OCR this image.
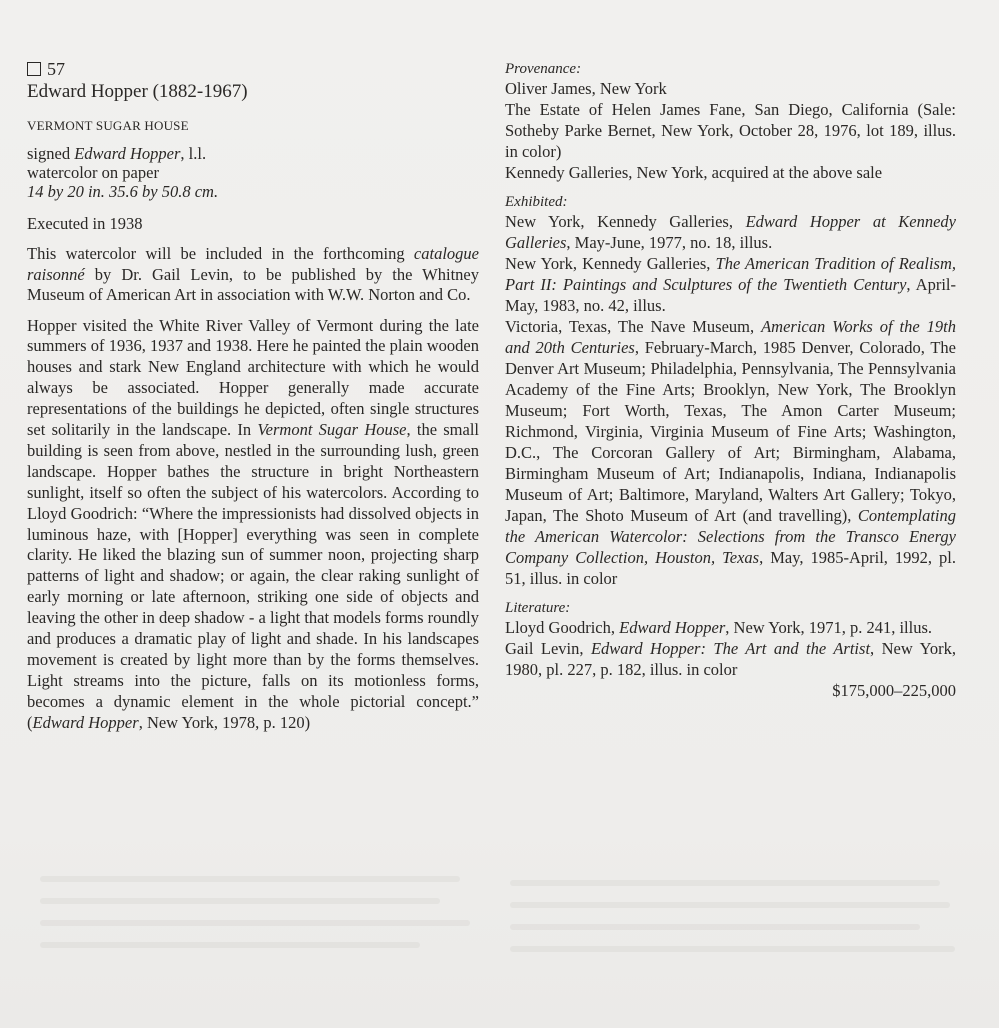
57
Edward Hopper (1882-1967)
VERMONT SUGAR HOUSE
signed Edward Hopper, l.l.
watercolor on paper
14 by 20 in. 35.6 by 50.8 cm.
Executed in 1938
This watercolor will be included in the forthcoming catalogue raisonné by Dr. Gail Levin, to be published by the Whitney Museum of American Art in association with W.W. Norton and Co.
Hopper visited the White River Valley of Vermont during the late summers of 1936, 1937 and 1938. Here he painted the plain wooden houses and stark New England architecture with which he would always be associated. Hopper generally made accurate representations of the buildings he depicted, often single structures set solitarily in the landscape. In Vermont Sugar House, the small building is seen from above, nestled in the surrounding lush, green landscape. Hopper bathes the structure in bright Northeastern sunlight, itself so often the subject of his watercolors. According to Lloyd Goodrich: “Where the impressionists had dissolved objects in luminous haze, with [Hopper] everything was seen in complete clarity. He liked the blazing sun of summer noon, projecting sharp patterns of light and shadow; or again, the clear raking sunlight of early morning or late afternoon, striking one side of objects and leaving the other in deep shadow - a light that models forms roundly and produces a dramatic play of light and shade. In his landscapes movement is created by light more than by the forms themselves. Light streams into the picture, falls on its motionless forms, becomes a dynamic element in the whole pictorial concept.” (Edward Hopper, New York, 1978, p. 120)
Provenance:
Oliver James, New York
The Estate of Helen James Fane, San Diego, California (Sale: Sotheby Parke Bernet, New York, October 28, 1976, lot 189, illus. in color)
Kennedy Galleries, New York, acquired at the above sale
Exhibited:
New York, Kennedy Galleries, Edward Hopper at Kennedy Galleries, May-June, 1977, no. 18, illus.
New York, Kennedy Galleries, The American Tradition of Realism, Part II: Paintings and Sculptures of the Twentieth Century, April-May, 1983, no. 42, illus.
Victoria, Texas, The Nave Museum, American Works of the 19th and 20th Centuries, February-March, 1985 Denver, Colorado, The Denver Art Museum; Philadelphia, Pennsylvania, The Pennsylvania Academy of the Fine Arts; Brooklyn, New York, The Brooklyn Museum; Fort Worth, Texas, The Amon Carter Museum; Richmond, Virginia, Virginia Museum of Fine Arts; Washington, D.C., The Corcoran Gallery of Art; Birmingham, Alabama, Birmingham Museum of Art; Indianapolis, Indiana, Indianapolis Museum of Art; Baltimore, Maryland, Walters Art Gallery; Tokyo, Japan, The Shoto Museum of Art (and travelling), Contemplating the American Watercolor: Selections from the Transco Energy Company Collection, Houston, Texas, May, 1985-April, 1992, pl. 51, illus. in color
Literature:
Lloyd Goodrich, Edward Hopper, New York, 1971, p. 241, illus.
Gail Levin, Edward Hopper: The Art and the Artist, New York, 1980, pl. 227, p. 182, illus. in color
$175,000–225,000
